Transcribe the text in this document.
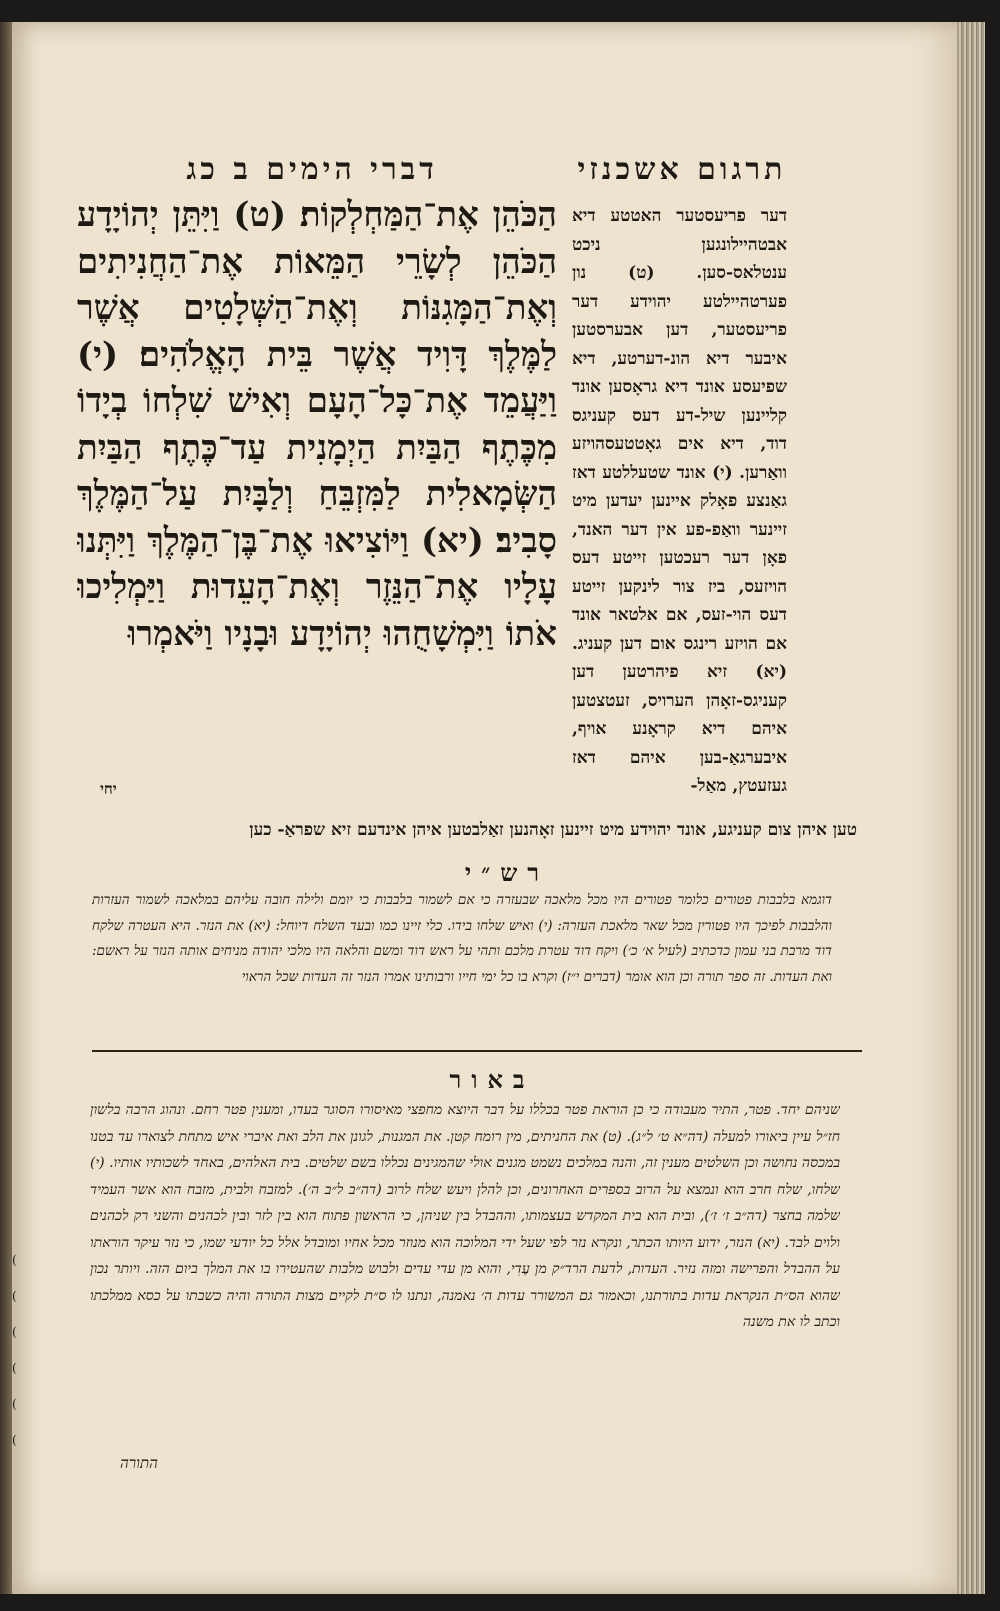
תרגום אשכנזי
דברי הימים ב כג
הַכֹּהֵן אֶת־הַמַּחְלְקוֹת׃ (ט) וַיִּתֵּן יְהוֹיָדָע הַכֹּהֵן לְשָׂרֵי הַמֵּאוֹת אֶת־הַחֲנִיתִים וְאֶת־הַמָּגִנּוֹת וְאֶת־הַשְּׁלָטִים אֲשֶׁר לַמֶּלֶךְ דָּוִיד אֲשֶׁר בֵּית הָאֱלֹהִים׃ (י) וַיַּעֲמֵד אֶת־כָּל־הָעָם וְאִישׁ שִׁלְחוֹ בְיָדוֹ מִכֶּתֶף הַבַּיִת הַיְמָנִית עַד־כֶּתֶף הַבַּיִת הַשְּׂמָאלִית לַמִּזְבֵּחַ וְלַבָּיִת עַל־הַמֶּלֶךְ סָבִיב׃ (יא) וַיּוֹצִיאוּ אֶת־בֶּן־הַמֶּלֶךְ וַיִּתְּנוּ עָלָיו אֶת־הַנֵּזֶר וְאֶת־הָעֵדוּת וַיַּמְלִיכוּ אֹתוֹ וַיִּמְשָׁחֻהוּ יְהוֹיָדָע וּבָנָיו וַיֹּאמְרוּ
יחי
דער פריעסטער האטטע דיא אבטהיילונגען ניכט ענטלאס-סען. (ט) נון פערטהיילטע יהוידע דער פריעסטער, דען אבערסטען איבער דיא הונ-דערטע, דיא שפיעסע אונד דיא גראָסען אונד קליינען שיל-דע דעס קעניגס דוד, דיא אים גאָטטעסהויזע וואַרען. (י) אונד שטעללטע דאז גאַנצע פאָלק איינען יעדען מיט זיינער וואַפ-פע אין דער האנד, פאָן דער רעכטען זייטע דעס הויזעס, ביז צור לינקען זייטע דעס הוי-זעס, אם אלטאר אונד אם הויזע רינגס אום דען קעניג. (יא) זיא פיהרטען דען קעניגס-זאָהן הערויס, זעטצטען איהם דיא קראָנע אויף, איבערגאַ-בען איהם דאז געזעטץ, מאַל-
טען איהן צום קעניגע, אונד יהוידע מיט זיינען זאָהנען זאַלבטען איהן אינדעם זיא שפראַ- כען
רש״י
דוגמא בלבבות פטורים כלומר פטורים היו מכל מלאכה שבעזרה כי אם לשמור בלבבות כי יומם ולילה חובה עליהם במלאכה לשמור העזרות והלבבות לפיכך היו פטורין מכל שאר מלאכת העזרה: (י) ואיש שלחו בידו. כלי זיינו כמו ובעד השלח דיוחל: (יא) את הנזר. היא העטרה שלקח דוד מרבת בני עמון כדכתיב (לעיל א׳ כ׳) ויקח דוד עטרת מלכם ותהי על ראש דוד ומשם והלאה היו מלכי יהודה מניחים אותה הנזר על ראשם: ואת העדות. זה ספר תורה וכן הוא אומר (דברים י״ז) וקרא בו כל ימי חייו ורבותינו אמרו הנזר זה העדות שכל הראוי
באור
שניהם יחד. פטר, התיר מעבודה כי כן הוראת פטר בכללו על דבר היוצא מחפצי מאיסורו הסוגר בעדו, ומענין פטר רחם. ונהוג הרבה בלשון חז״ל עיין ביאורו למעלה (דה״א ט׳ ל״ג). (ט) את החניתים, מין רומח קטן. את המגנות, לגונן את הלב ואת איברי איש מתחת לצוארו עד בטנו במכסה נחושה וכן השלטים מענין זה, והנה במלכים נשמט מגנים אולי שהמגינים נכללו בשם שלטים. בית האלהים, באחד לשכותיו אותיו. (י) שלחו, שלח חרב הוא ונמצא על הרוב בספרים האחרונים, וכן להלן ויעש שלח לרוב (דה״ב ל״ב ה׳). למזבח ולבית, מזבח הוא אשר העמיד שלמה בחצר (דה״ב ז׳ ז׳), ובית הוא בית המקדש בעצמותו, וההבדל בין שניהן, כי הראשון פתוח הוא בין לזר ובין לכהנים והשני רק לכהנים ולוים לבד. (יא) הנזר, ידוע היותו הכתר, ונקרא נזר לפי שעל ידי המלוכה הוא מנוזר מכל אחיו ומובדל אלל כל יודעי שמו, כי נזר עיקר הוראתו על ההבדל והפרישה ומזה נזיר. העדות, לדעת הרד״ק מן עֶדִי, והוא מן עדי עדים ולבוש מלבות שהעטירו בו את המלך ביום הזה. ויותר נכון שהוא הס״ת הנקראת עדות בתורתנו, וכאמור גם המשורר עדות ה׳ נאמנה, ונתנו לו ס״ת לקיים מצות התורה והיה כשבתו על כסא ממלכתו וכתב לו את משנה
התורה
( ( ( ( ( (
